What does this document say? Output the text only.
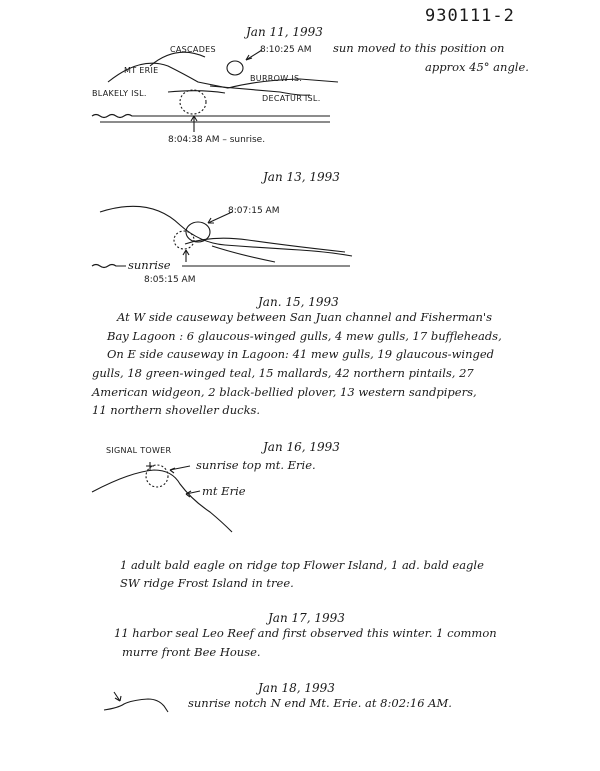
930111-2
Jan 11, 1993
CASCADES	8:10:25 AM sun moved to this position on
approx 45° angle.
MT ERIE
BURROW IS.
BLAKELY ISL.
DECATUR ISL.
8:04:38 AM – sunrise.
Jan 13, 1993
8:07:15 AM
sunrise
8:05:15 AM
Jan. 15, 1993
At W side causeway between San Juan channel and Fisherman's
Bay Lagoon : 6 glaucous-winged gulls, 4 mew gulls, 17 buffleheads,
On E side causeway in Lagoon: 41 mew gulls, 19 glaucous-winged
gulls, 18 green-winged teal, 15 mallards, 42 northern pintails, 27
American widgeon, 2 black-bellied plover, 13 western sandpipers,
11 northern shoveller ducks.
Jan 16, 1993
SIGNAL TOWER
sunrise top mt. Erie.
mt Erie
1 adult bald eagle on ridge top Flower Island, 1 ad. bald eagle
SW ridge Frost Island in tree.
Jan 17, 1993
11 harbor seal Leo Reef and first observed this winter. 1 common
murre front Bee House.
Jan 18, 1993
sunrise notch N end Mt. Erie. at 8:02:16 AM.
